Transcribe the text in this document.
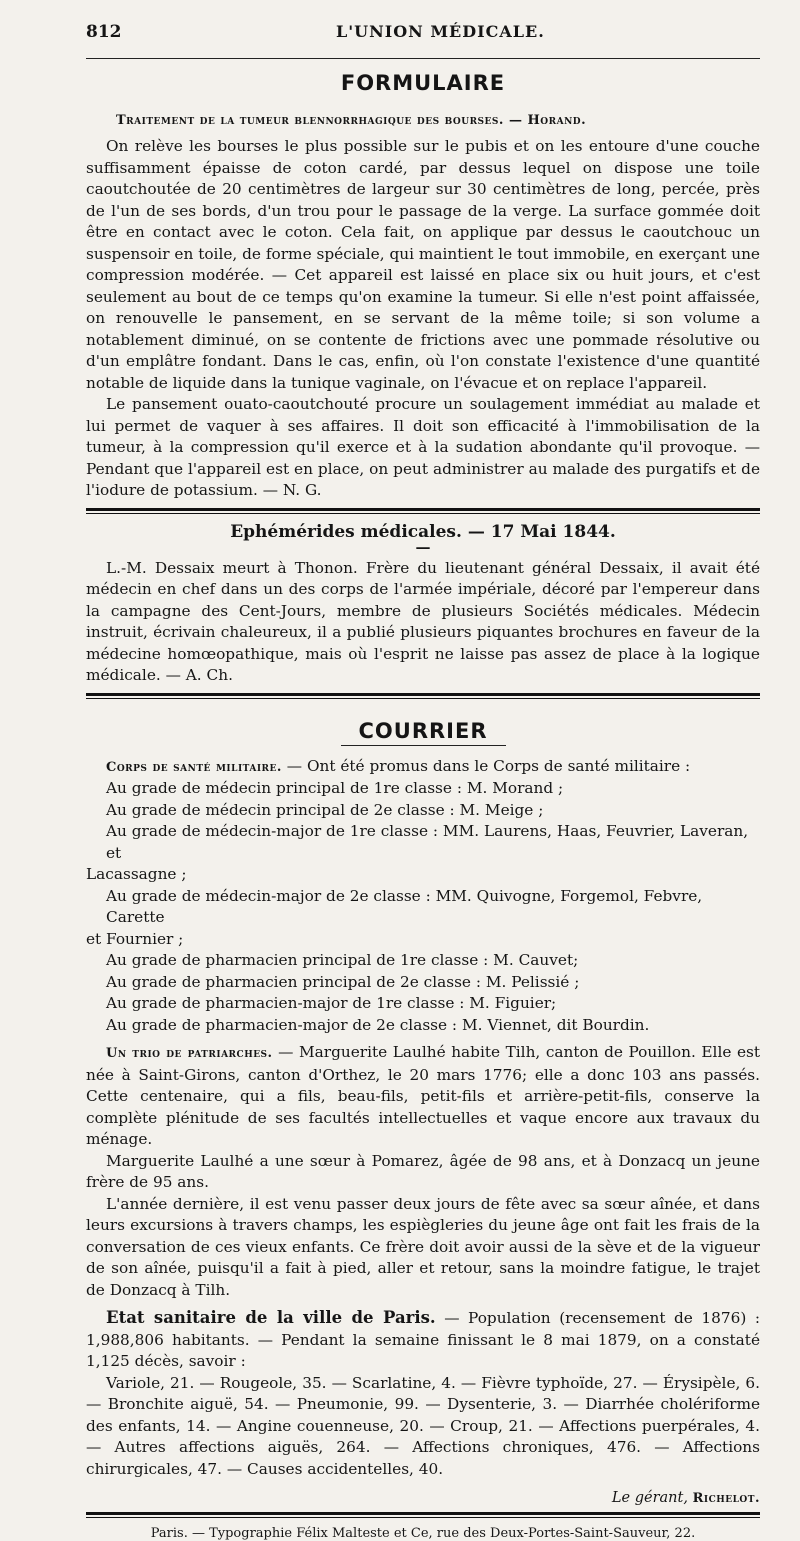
812	L'UNION MÉDICALE.
FORMULAIRE
Traitement de la tumeur blennorrhagique des bourses. — Horand.

On relève les bourses le plus possible sur le pubis et on les entoure d'une couche suffisamment épaisse de coton cardé, par dessus lequel on dispose une toile caoutchoutée de 20 centimètres de largeur sur 30 centimètres de long, percée, près de l'un de ses bords, d'un trou pour le passage de la verge. La surface gommée doit être en contact avec le coton. Cela fait, on applique par dessus le caoutchouc un suspensoir en toile, de forme spéciale, qui maintient le tout immobile, en exerçant une compression modérée. — Cet appareil est laissé en place six ou huit jours, et c'est seulement au bout de ce temps qu'on examine la tumeur. Si elle n'est point affaissée, on renouvelle le pansement, en se servant de la même toile; si son volume a notablement diminué, on se contente de frictions avec une pommade résolutive ou d'un emplâtre fondant. Dans le cas, enfin, où l'on constate l'existence d'une quantité notable de liquide dans la tunique vaginale, on l'évacue et on replace l'appareil.

Le pansement ouato-caoutchouté procure un soulagement immédiat au malade et lui permet de vaquer à ses affaires. Il doit son efficacité à l'immobilisation de la tumeur, à la compression qu'il exerce et à la sudation abondante qu'il provoque. — Pendant que l'appareil est en place, on peut administrer au malade des purgatifs et de l'iodure de potassium. — N. G.

Ephémérides médicales. — 17 Mai 1844.
—

L.-M. Dessaix meurt à Thonon. Frère du lieutenant général Dessaix, il avait été médecin en chef dans un des corps de l'armée impériale, décoré par l'empereur dans la campagne des Cent-Jours, membre de plusieurs Sociétés médicales. Médecin instruit, écrivain chaleureux, il a publié plusieurs piquantes brochures en faveur de la médecine homœopathique, mais où l'esprit ne laisse pas assez de place à la logique médicale. — A. Ch.

COURRIER

Corps de santé militaire. — Ont été promus dans le Corps de santé militaire :

Au grade de médecin principal de 1re classe : M. Morand ;
Au grade de médecin principal de 2e classe : M. Meige ;
Au grade de médecin-major de 1re classe : MM. Laurens, Haas, Feuvrier, Laveran, et
Lacassagne ;
Au grade de médecin-major de 2e classe : MM. Quivogne, Forgemol, Febvre, Carette
et Fournier ;
Au grade de pharmacien principal de 1re classe : M. Cauvet;
Au grade de pharmacien principal de 2e classe : M. Pelissié ;
Au grade de pharmacien-major de 1re classe : M. Figuier;
Au grade de pharmacien-major de 2e classe : M. Viennet, dit Bourdin.

Un trio de patriarches. — Marguerite Laulhé habite Tilh, canton de Pouillon. Elle est née à Saint-Girons, canton d'Orthez, le 20 mars 1776; elle a donc 103 ans passés. Cette centenaire, qui a fils, beau-fils, petit-fils et arrière-petit-fils, conserve la complète plénitude de ses facultés intellectuelles et vaque encore aux travaux du ménage.

Marguerite Laulhé a une sœur à Pomarez, âgée de 98 ans, et à Donzacq un jeune frère de 95 ans.

L'année dernière, il est venu passer deux jours de fête avec sa sœur aînée, et dans leurs excursions à travers champs, les espiègleries du jeune âge ont fait les frais de la conversation de ces vieux enfants. Ce frère doit avoir aussi de la sève et de la vigueur de son aînée, puisqu'il a fait à pied, aller et retour, sans la moindre fatigue, le trajet de Donzacq à Tilh.

Etat sanitaire de la ville de Paris. — Population (recensement de 1876) : 1,988,806 habitants. — Pendant la semaine finissant le 8 mai 1879, on a constaté 1,125 décès, savoir :

Variole, 21. — Rougeole, 35. — Scarlatine, 4. — Fièvre typhoïde, 27. — Érysipèle, 6. — Bronchite aiguë, 54. — Pneumonie, 99. — Dysenterie, 3. — Diarrhée cholériforme des enfants, 14. — Angine couenneuse, 20. — Croup, 21. — Affections puerpérales, 4. — Autres affections aiguës, 264. — Affections chroniques, 476. — Affections chirurgicales, 47. — Causes accidentelles, 40.

Le gérant, Richelot.
Paris. — Typographie Félix Malteste et Ce, rue des Deux-Portes-Saint-Sauveur, 22.
